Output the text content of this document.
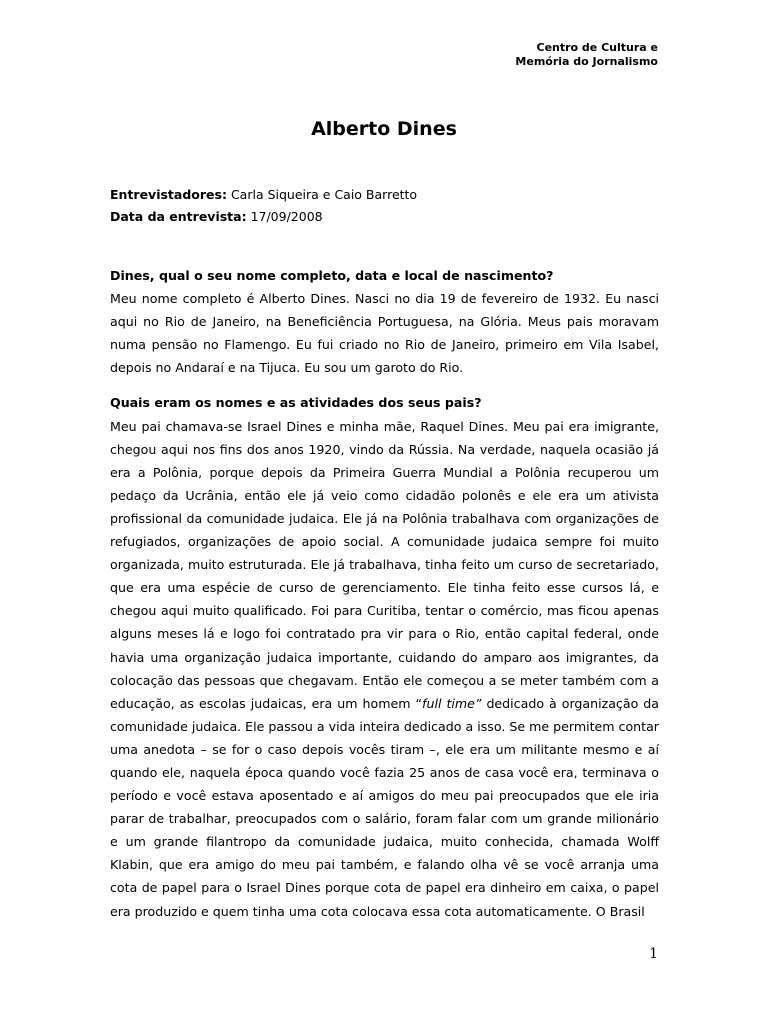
Centro de Cultura e
Memória do Jornalismo
Alberto Dines
Entrevistadores: Carla Siqueira e Caio Barretto
Data da entrevista: 17/09/2008

Dines, qual o seu nome completo, data e local de nascimento?

Meu nome completo é Alberto Dines. Nasci no dia 19 de fevereiro de 1932. Eu nasci aqui no Rio de Janeiro, na Beneficiência Portuguesa, na Glória. Meus pais moravam numa pensão no Flamengo. Eu fui criado no Rio de Janeiro, primeiro em Vila Isabel, depois no Andaraí e na Tijuca. Eu sou um garoto do Rio.

Quais eram os nomes e as atividades dos seus pais?

Meu pai chamava-se Israel Dines e minha mãe, Raquel Dines. Meu pai era imigrante, chegou aqui nos fins dos anos 1920, vindo da Rússia. Na verdade, naquela ocasião já era a Polônia, porque depois da Primeira Guerra Mundial a Polônia recuperou um pedaço da Ucrânia, então ele já veio como cidadão polonês e ele era um ativista profissional da comunidade judaica. Ele já na Polônia trabalhava com organizações de refugiados, organizações de apoio social. A comunidade judaica sempre foi muito organizada, muito estruturada. Ele já trabalhava, tinha feito um curso de secretariado, que era uma espécie de curso de gerenciamento. Ele tinha feito esse cursos lá, e chegou aqui muito qualificado. Foi para Curitiba, tentar o comércio, mas ficou apenas alguns meses lá e logo foi contratado pra vir para o Rio, então capital federal, onde havia uma organização judaica importante, cuidando do amparo aos imigrantes, da colocação das pessoas que chegavam. Então ele começou a se meter também com a educação, as escolas judaicas, era um homem “full time” dedicado à organização da comunidade judaica. Ele passou a vida inteira dedicado a isso. Se me permitem contar uma anedota – se for o caso depois vocês tiram –, ele era um militante mesmo e aí quando ele, naquela época quando você fazia 25 anos de casa você era, terminava o período e você estava aposentado e aí amigos do meu pai preocupados que ele iria parar de trabalhar, preocupados com o salário, foram falar com um grande milionário e um grande filantropo da comunidade judaica, muito conhecida, chamada Wolff Klabin, que era amigo do meu pai também, e falando olha vê se você arranja uma cota de papel para o Israel Dines porque cota de papel era dinheiro em caixa, o papel era produzido e quem tinha uma cota colocava essa cota automaticamente. O Brasil

1
